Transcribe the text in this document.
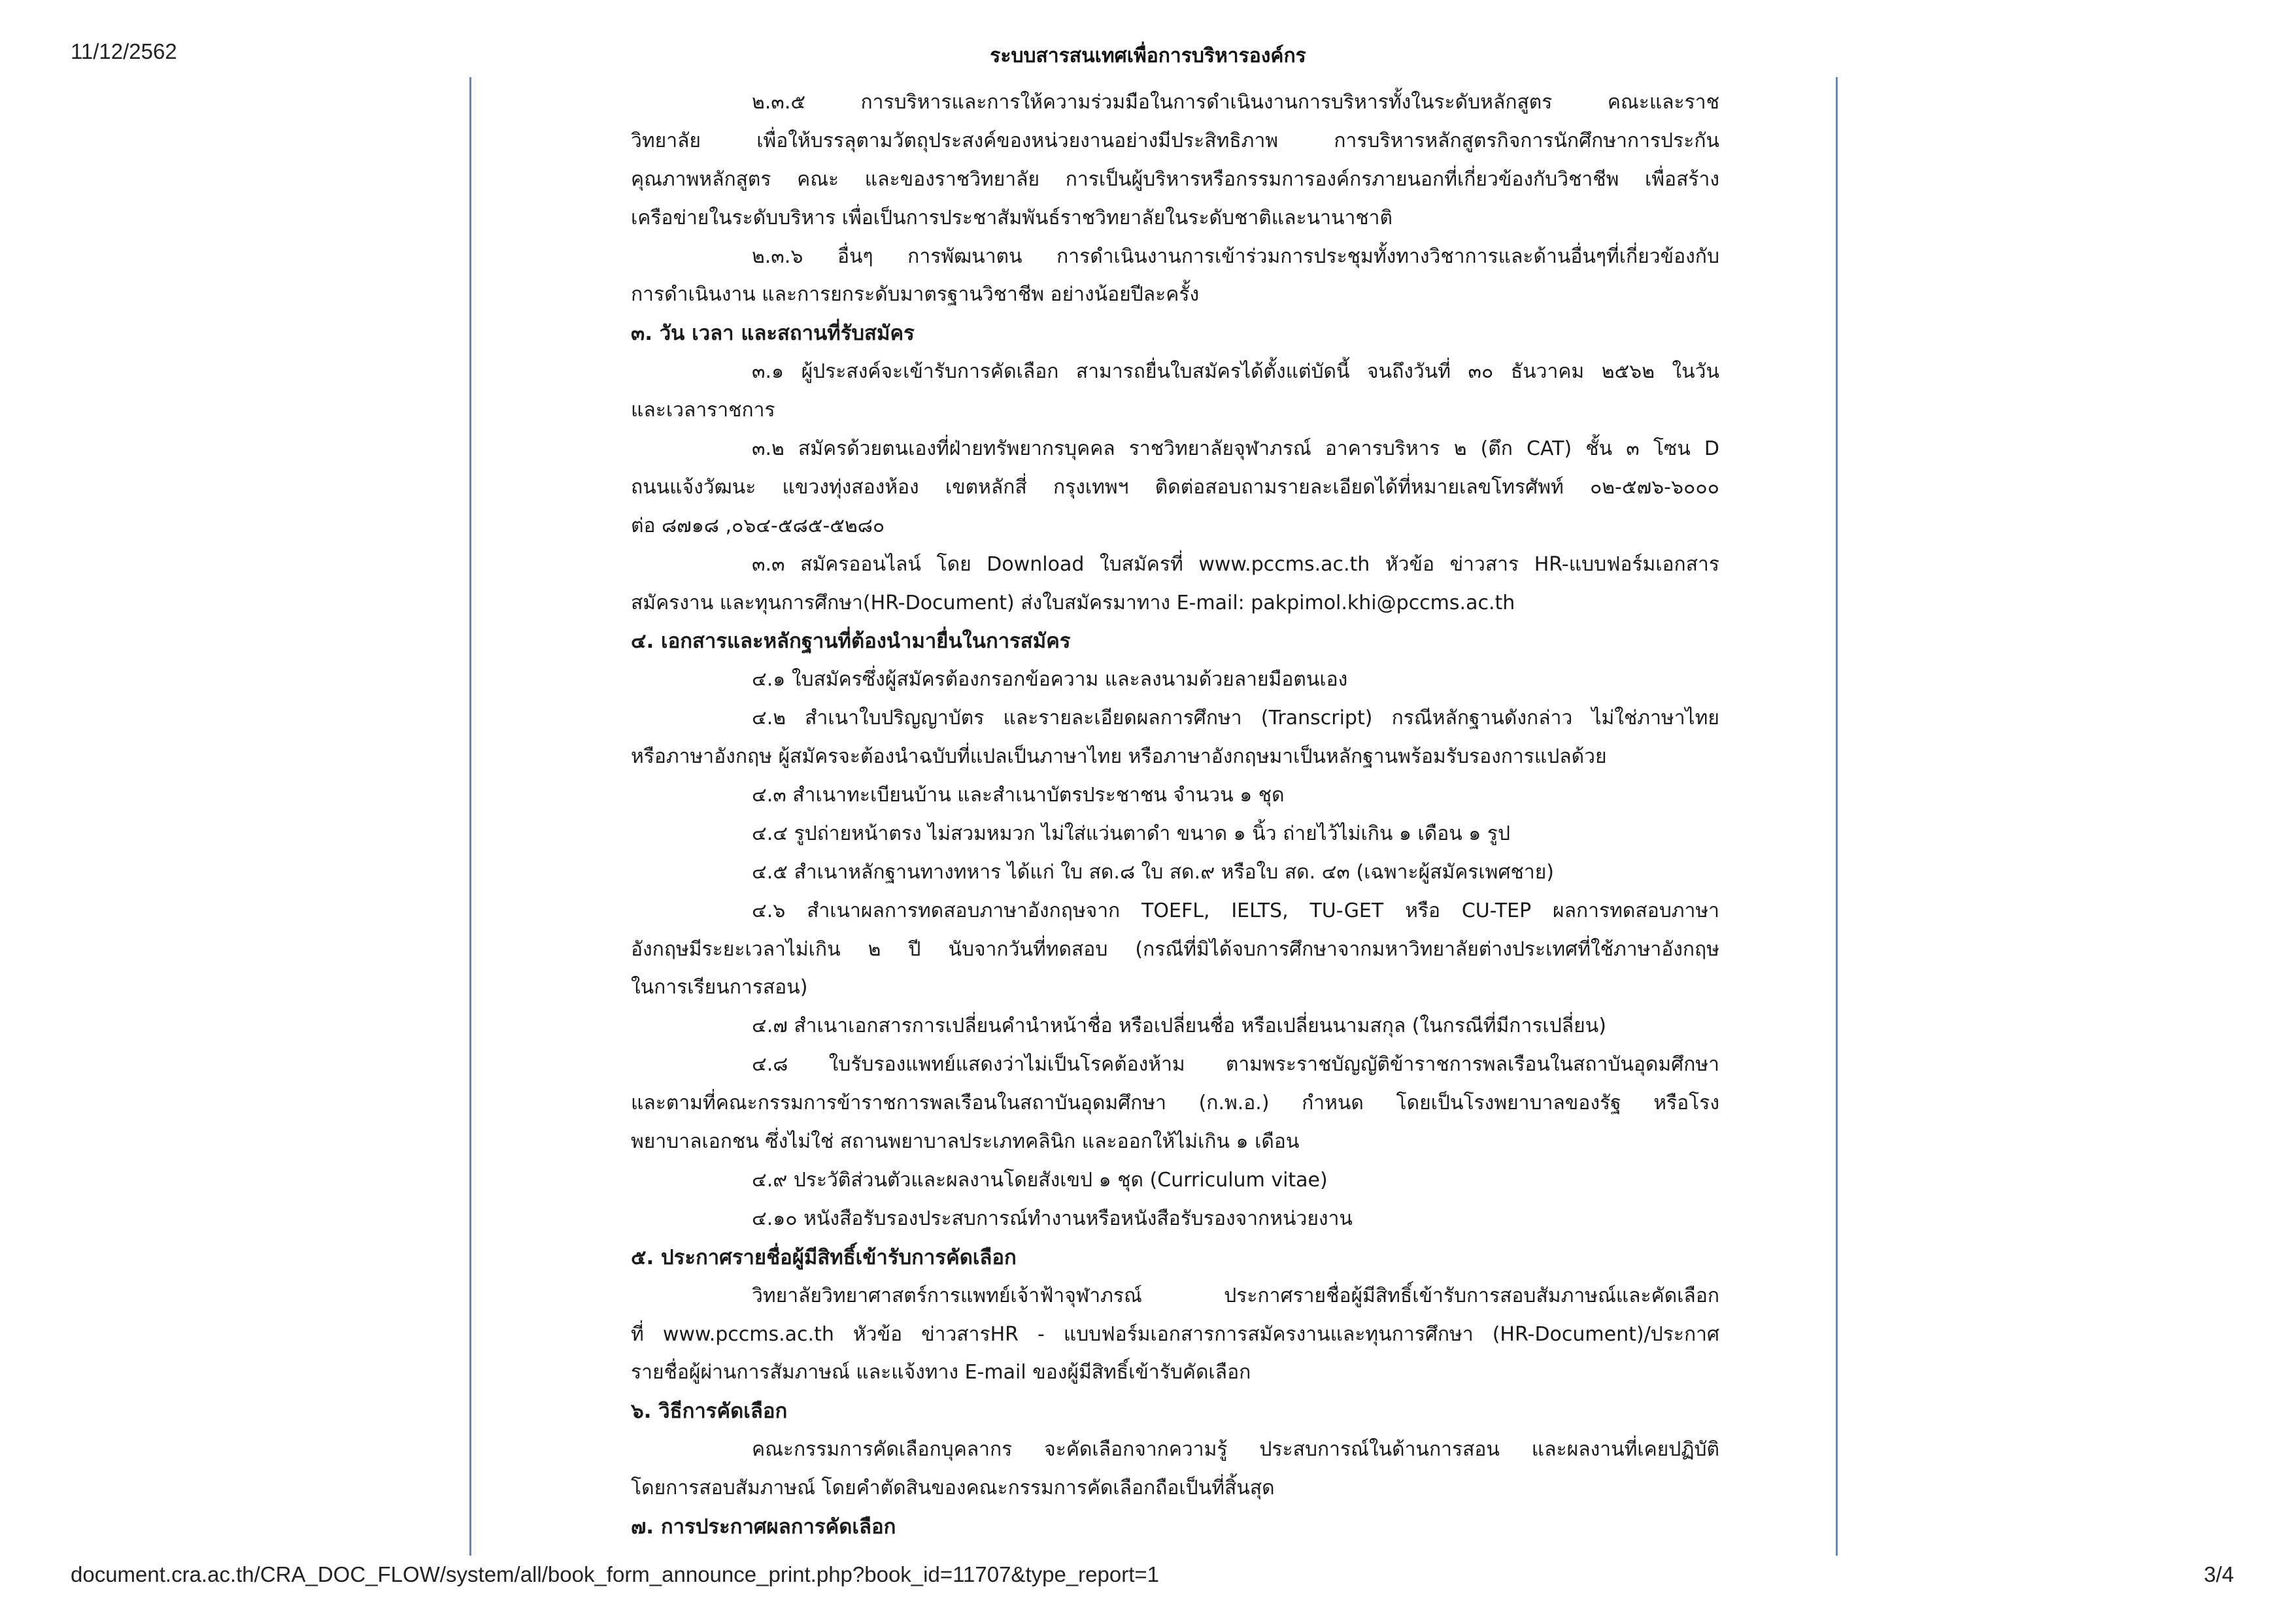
11/12/2562	ระบบสารสนเทศเพื่อการบริหารองค์กร
๒.๓.๕ การบริหารและการให้ความร่วมมือในการดำเนินงานการบริหารทั้งในระดับหลักสูตร คณะและราช
วิทยาลัย เพื่อให้บรรลุตามวัตถุประสงค์ของหน่วยงานอย่างมีประสิทธิภาพ การบริหารหลักสูตรกิจการนักศึกษาการประกัน
คุณภาพหลักสูตร คณะ และของราชวิทยาลัย การเป็นผู้บริหารหรือกรรมการองค์กรภายนอกที่เกี่ยวข้องกับวิชาชีพ เพื่อสร้าง
เครือข่ายในระดับบริหาร เพื่อเป็นการประชาสัมพันธ์ราชวิทยาลัยในระดับชาติและนานาชาติ
๒.๓.๖ อื่นๆ การพัฒนาตน การดำเนินงานการเข้าร่วมการประชุมทั้งทางวิชาการและด้านอื่นๆที่เกี่ยวข้องกับ
การดำเนินงาน และการยกระดับมาตรฐานวิชาชีพ อย่างน้อยปีละครั้ง
๓. วัน เวลา และสถานที่รับสมัคร
๓.๑ ผู้ประสงค์จะเข้ารับการคัดเลือก สามารถยื่นใบสมัครได้ตั้งแต่บัดนี้ จนถึงวันที่ ๓๐ ธันวาคม ๒๕๖๒ ในวัน
และเวลาราชการ
๓.๒ สมัครด้วยตนเองที่ฝ่ายทรัพยากรบุคคล ราชวิทยาลัยจุฬาภรณ์ อาคารบริหาร ๒ (ตึก CAT) ชั้น ๓ โซน D
ถนนแจ้งวัฒนะ แขวงทุ่งสองห้อง เขตหลักสี่ กรุงเทพฯ ติดต่อสอบถามรายละเอียดได้ที่หมายเลขโทรศัพท์ ๐๒-๕๗๖-๖๐๐๐
ต่อ ๘๗๑๘ ,๐๖๔-๕๘๕-๕๒๘๐
๓.๓ สมัครออนไลน์ โดย Download ใบสมัครที่ www.pccms.ac.th หัวข้อ ข่าวสาร HR-แบบฟอร์มเอกสาร
สมัครงาน และทุนการศึกษา(HR-Document) ส่งใบสมัครมาทาง E-mail: pakpimol.khi@pccms.ac.th
๔. เอกสารและหลักฐานที่ต้องนำมายื่นในการสมัคร
๔.๑ ใบสมัครซึ่งผู้สมัครต้องกรอกข้อความ และลงนามด้วยลายมือตนเอง
๔.๒ สำเนาใบปริญญาบัตร และรายละเอียดผลการศึกษา (Transcript) กรณีหลักฐานดังกล่าว ไม่ใช่ภาษาไทย
หรือภาษาอังกฤษ ผู้สมัครจะต้องนำฉบับที่แปลเป็นภาษาไทย หรือภาษาอังกฤษมาเป็นหลักฐานพร้อมรับรองการแปลด้วย
๔.๓ สำเนาทะเบียนบ้าน และสำเนาบัตรประชาชน จำนวน ๑ ชุด
๔.๔ รูปถ่ายหน้าตรง ไม่สวมหมวก ไม่ใส่แว่นตาดำ ขนาด ๑ นิ้ว ถ่ายไว้ไม่เกิน ๑ เดือน ๑ รูป
๔.๕ สำเนาหลักฐานทางทหาร ได้แก่ ใบ สด.๘ ใบ สด.๙ หรือใบ สด. ๔๓ (เฉพาะผู้สมัครเพศชาย)
๔.๖ สำเนาผลการทดสอบภาษาอังกฤษจาก TOEFL, IELTS, TU-GET หรือ CU-TEP ผลการทดสอบภาษา
อังกฤษมีระยะเวลาไม่เกิน ๒ ปี นับจากวันที่ทดสอบ (กรณีที่มิได้จบการศึกษาจากมหาวิทยาลัยต่างประเทศที่ใช้ภาษาอังกฤษ
ในการเรียนการสอน)
๔.๗ สำเนาเอกสารการเปลี่ยนคำนำหน้าชื่อ หรือเปลี่ยนชื่อ หรือเปลี่ยนนามสกุล (ในกรณีที่มีการเปลี่ยน)
๔.๘ ใบรับรองแพทย์แสดงว่าไม่เป็นโรคต้องห้าม ตามพระราชบัญญัติข้าราชการพลเรือนในสถาบันอุดมศึกษา
และตามที่คณะกรรมการข้าราชการพลเรือนในสถาบันอุดมศึกษา (ก.พ.อ.) กำหนด โดยเป็นโรงพยาบาลของรัฐ หรือโรง
พยาบาลเอกชน ซึ่งไม่ใช่ สถานพยาบาลประเภทคลินิก และออกให้ไม่เกิน ๑ เดือน
๔.๙ ประวัติส่วนตัวและผลงานโดยสังเขป ๑ ชุด (Curriculum vitae)
๔.๑๐ หนังสือรับรองประสบการณ์ทำงานหรือหนังสือรับรองจากหน่วยงาน
๕. ประกาศรายชื่อผู้มีสิทธิ์เข้ารับการคัดเลือก
วิทยาลัยวิทยาศาสตร์การแพทย์เจ้าฟ้าจุฬาภรณ์ ประกาศรายชื่อผู้มีสิทธิ์เข้ารับการสอบสัมภาษณ์และคัดเลือก
ที่ www.pccms.ac.th หัวข้อ ข่าวสารHR - แบบฟอร์มเอกสารการสมัครงานและทุนการศึกษา (HR-Document)/ประกาศ
รายชื่อผู้ผ่านการสัมภาษณ์ และแจ้งทาง E-mail ของผู้มีสิทธิ์เข้ารับคัดเลือก
๖. วิธีการคัดเลือก
คณะกรรมการคัดเลือกบุคลากร จะคัดเลือกจากความรู้ ประสบการณ์ในด้านการสอน และผลงานที่เคยปฏิบัติ
โดยการสอบสัมภาษณ์ โดยคำตัดสินของคณะกรรมการคัดเลือกถือเป็นที่สิ้นสุด
๗. การประกาศผลการคัดเลือก
document.cra.ac.th/CRA_DOC_FLOW/system/all/book_form_announce_print.php?book_id=11707&type_report=1	3/4
